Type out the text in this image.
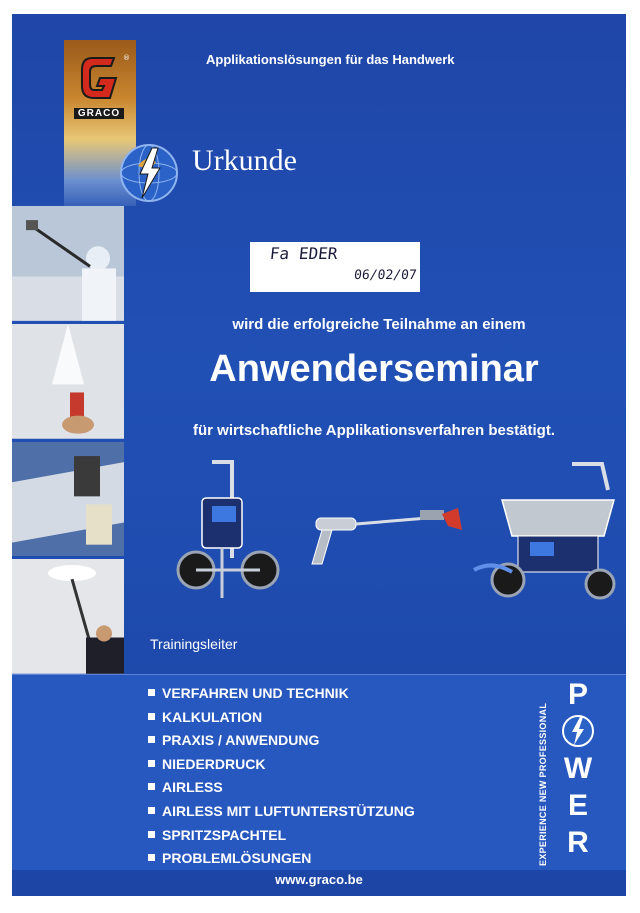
®
GRACO
Applikationslösungen für das Handwerk
Urkunde
Fa EDER
06/02/07
wird die erfolgreiche Teilnahme an einem
Anwenderseminar
für wirtschaftliche Applikationsverfahren bestätigt.
Trainingsleiter
VERFAHREN UND TECHNIK
KALKULATION
PRAXIS / ANWENDUNG
NIEDERDRUCK
AIRLESS
AIRLESS MIT LUFTUNTERSTÜTZUNG
SPRITZSPACHTEL
PROBLEMLÖSUNGEN	EXPERIENCE NEW PROFESSIONAL
P
W
E
R
www.graco.be
